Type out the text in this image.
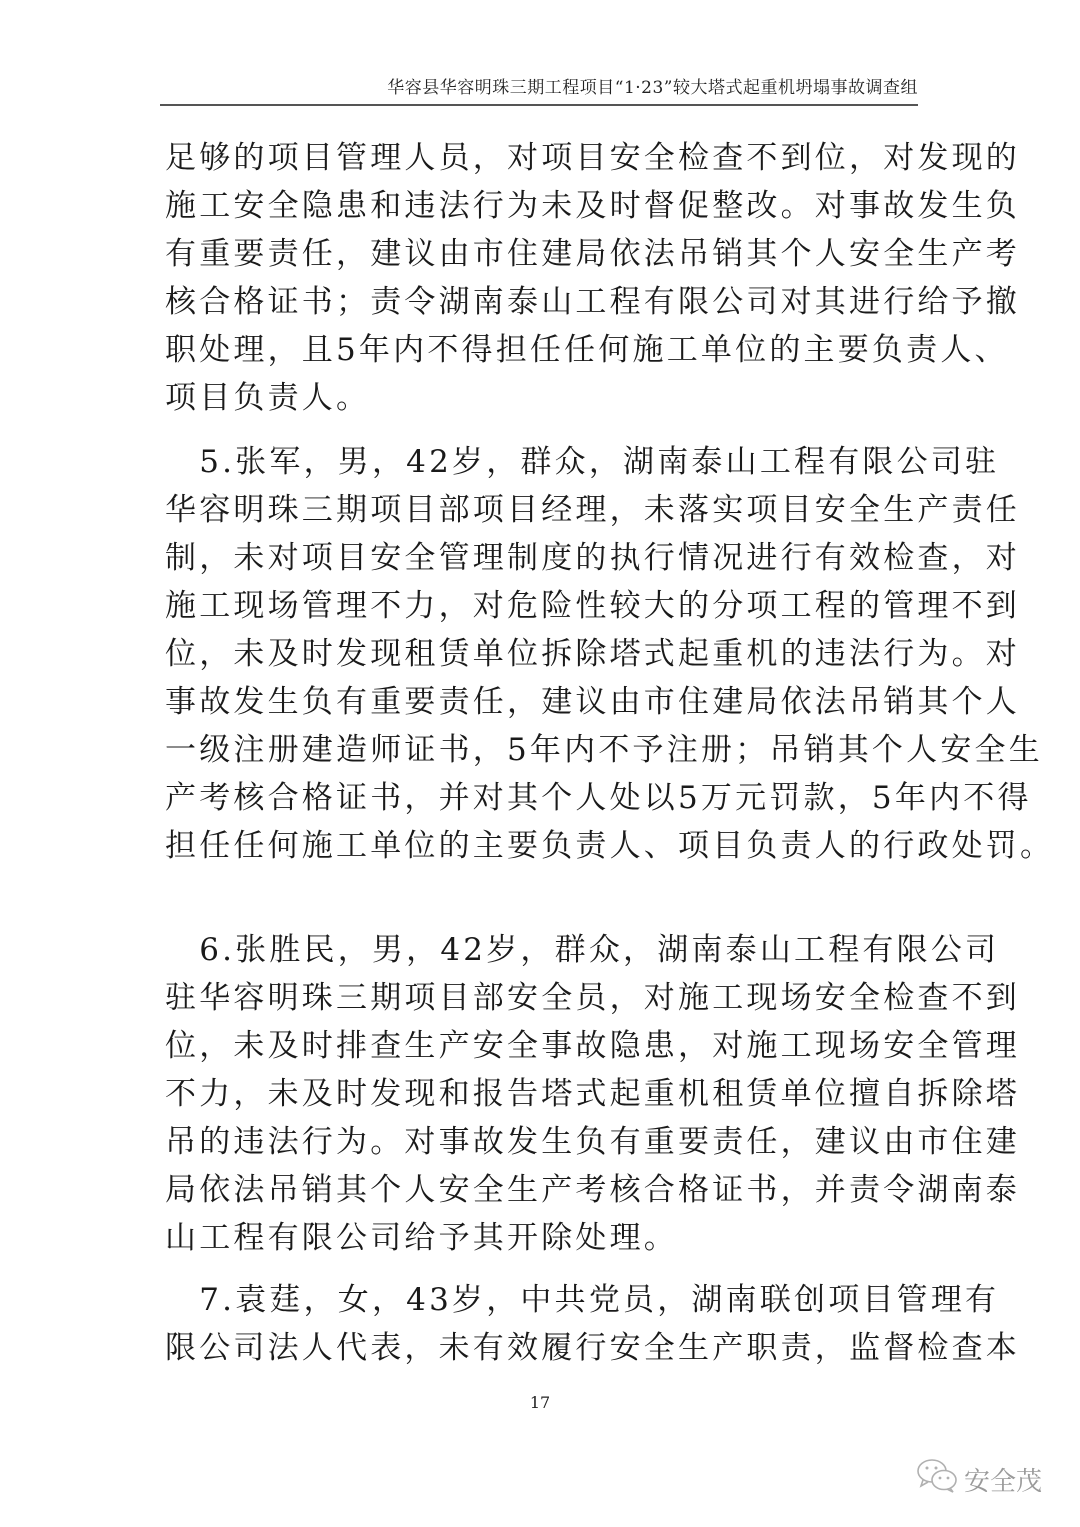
华容县华容明珠三期工程项目“1·23”较大塔式起重机坍塌事故调查组
足够的项目管理人员，对项目安全检查不到位，对发现的
施工安全隐患和违法行为未及时督促整改。对事故发生负
有重要责任，建议由市住建局依法吊销其个人安全生产考
核合格证书；责令湖南泰山工程有限公司对其进行给予撤
职处理，且5年内不得担任任何施工单位的主要负责人、
项目负责人。
　5.张军，男，42岁，群众，湖南泰山工程有限公司驻
华容明珠三期项目部项目经理，未落实项目安全生产责任
制，未对项目安全管理制度的执行情况进行有效检查，对
施工现场管理不力，对危险性较大的分项工程的管理不到
位，未及时发现租赁单位拆除塔式起重机的违法行为。对
事故发生负有重要责任，建议由市住建局依法吊销其个人
一级注册建造师证书，5年内不予注册；吊销其个人安全生
产考核合格证书，并对其个人处以5万元罚款，5年内不得
担任任何施工单位的主要负责人、项目负责人的行政处罚。
　6.张胜民，男，42岁，群众，湖南泰山工程有限公司
驻华容明珠三期项目部安全员，对施工现场安全检查不到
位，未及时排查生产安全事故隐患，对施工现场安全管理
不力，未及时发现和报告塔式起重机租赁单位擅自拆除塔
吊的违法行为。对事故发生负有重要责任，建议由市住建
局依法吊销其个人安全生产考核合格证书，并责令湖南泰
山工程有限公司给予其开除处理。
　7.袁莛，女，43岁，中共党员，湖南联创项目管理有
限公司法人代表，未有效履行安全生产职责，监督检查本
17
安全茂
